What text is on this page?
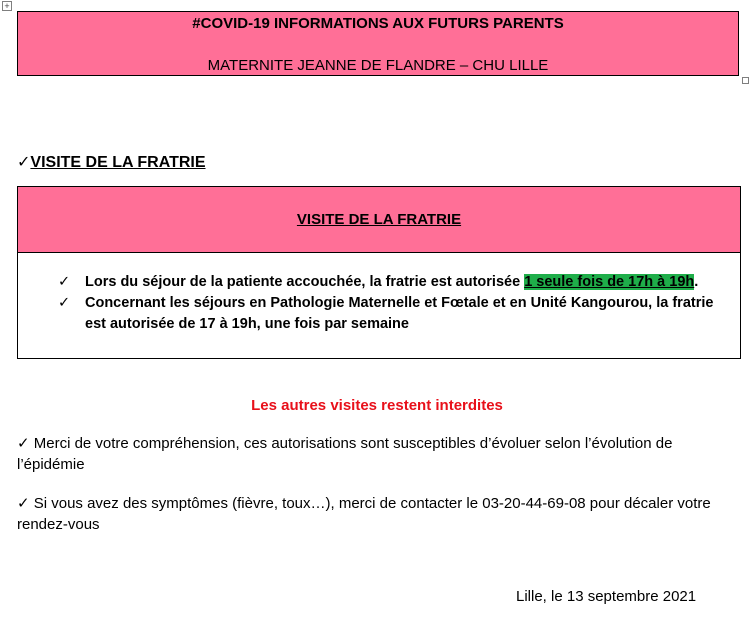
+
#COVID-19 INFORMATIONS AUX FUTURS PARENTS
MATERNITE JEANNE DE FLANDRE – CHU LILLE
✓VISITE DE LA FRATRIE
VISITE DE LA FRATRIE
✓ Lors du séjour de la patiente accouchée, la fratrie est autorisée 1 seule fois de 17h à 19h.
✓ Concernant les séjours en Pathologie Maternelle et Fœtale et en Unité Kangourou, la fratrie est autorisée de 17 à 19h, une fois par semaine
Les autres visites restent interdites
✓ Merci de votre compréhension, ces autorisations sont susceptibles d’évoluer selon l’évolution de l’épidémie
✓ Si vous avez des symptômes (fièvre, toux…), merci de contacter le 03-20-44-69-08 pour décaler votre rendez-vous
Lille, le 13 septembre 2021
